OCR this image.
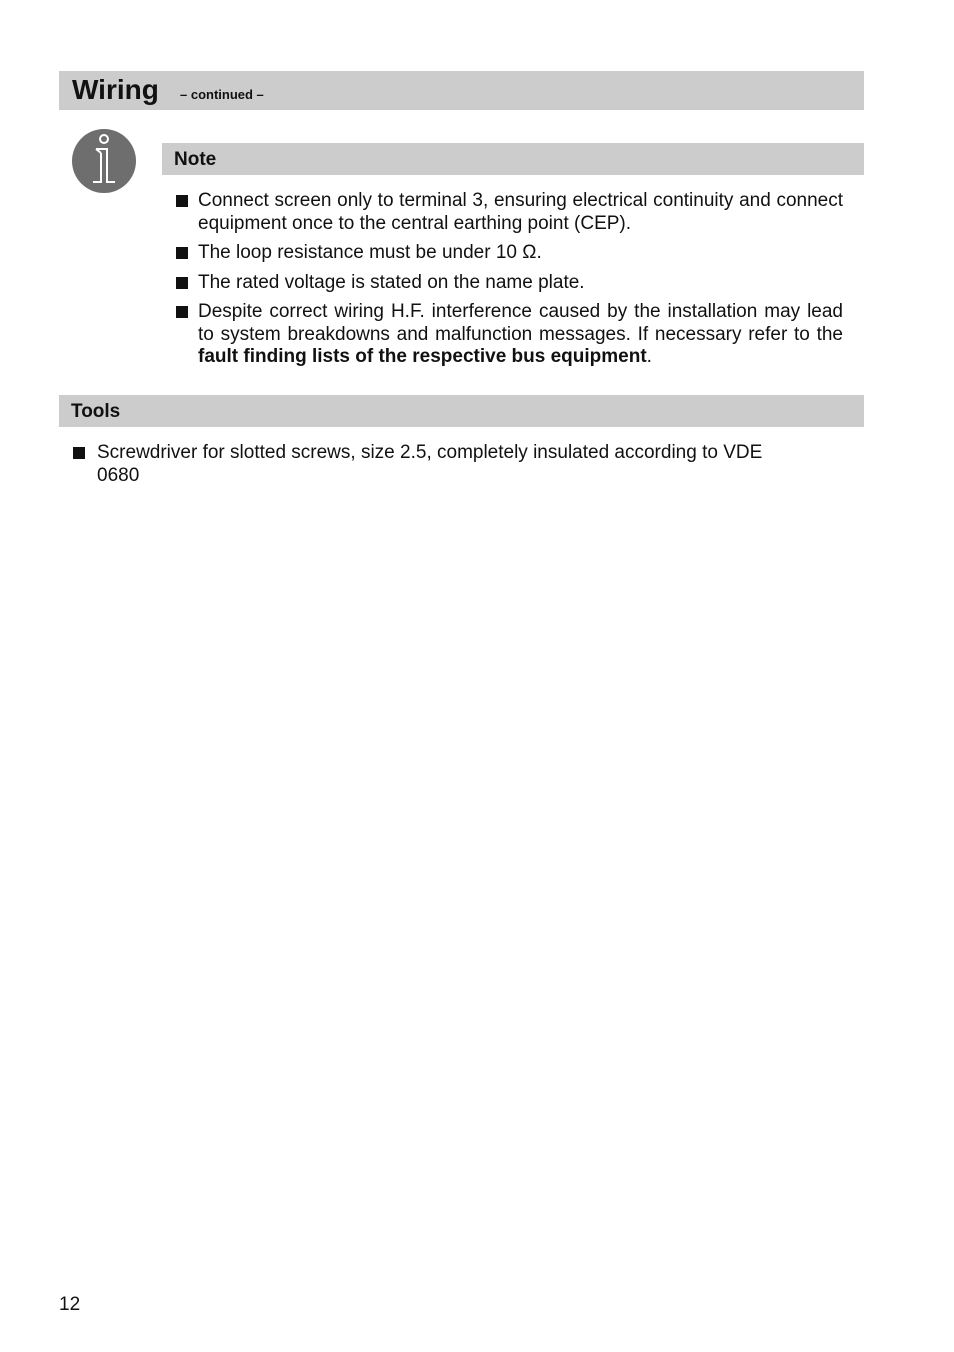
Wiring – continued –
Note
Connect screen only to terminal 3, ensuring electrical continuity and connect equipment once to the central earthing point (CEP).
The loop resistance must be under 10 Ω.
The rated voltage is stated on the name plate.
Despite correct wiring H.F. interference caused by the installation may lead to system breakdowns and malfunction messages. If necessary refer to the fault finding lists of the respective bus equipment.
Tools
Screwdriver for slotted screws, size 2.5, completely insulated according to VDE 0680
12
